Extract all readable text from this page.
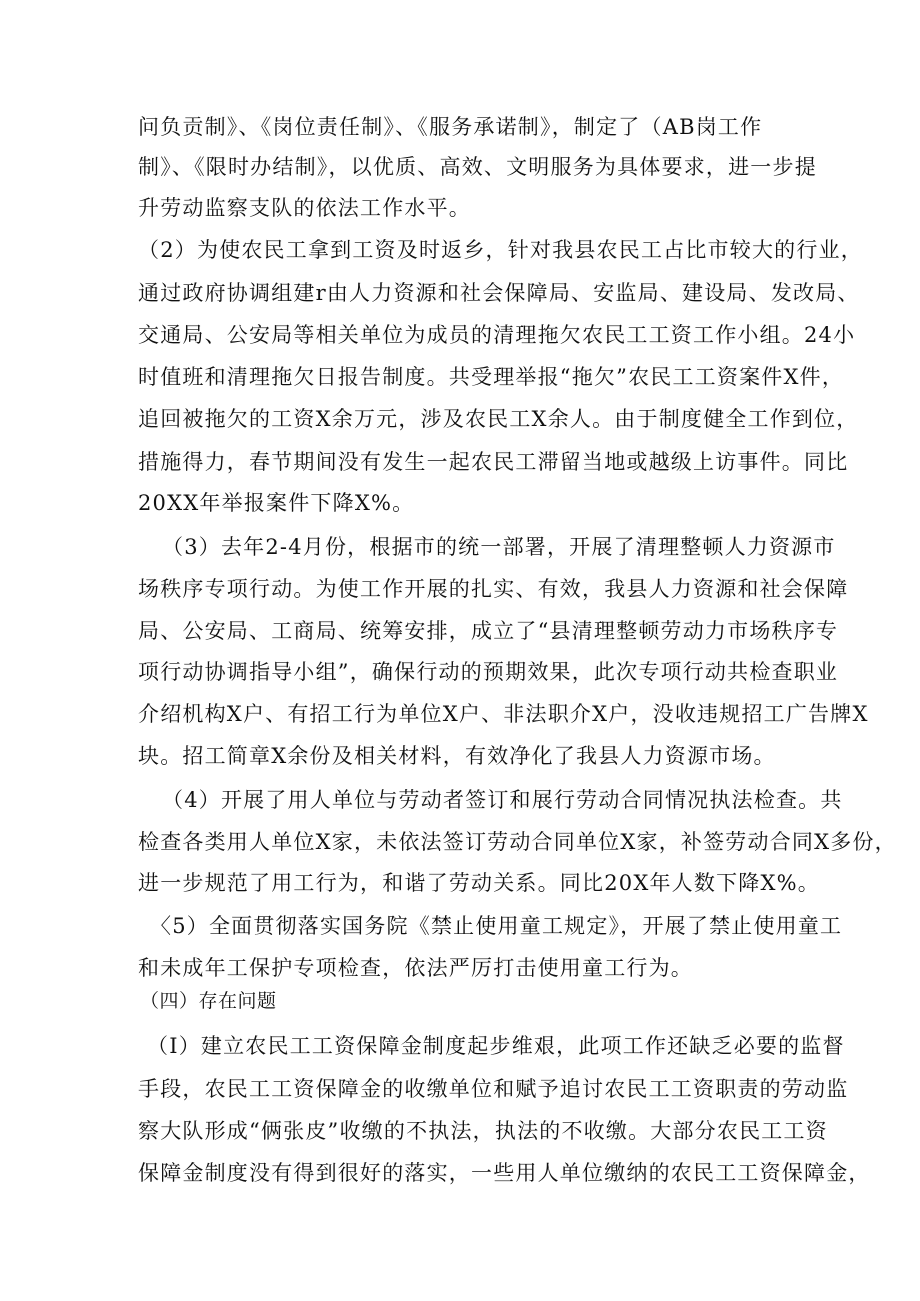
问负贡制》、《岗位责任制》、《服务承诺制》，制定了（AB岗工作
制》、《限时办结制》，以优质、高效、文明服务为具体要求，进一步提
升劳动监察支队的依法工作水平。
（2）为使农民工拿到工资及时返乡，针对我县农民工占比市较大的行业，
通过政府协调组建r由人力资源和社会保障局、安监局、建设局、发改局、
交通局、公安局等相关单位为成员的清理拖欠农民工工资工作小组。24小
时值班和清理拖欠日报告制度。共受理举报“拖欠”农民工工资案件X件，
追回被拖欠的工资X余万元，涉及农民工X余人。由于制度健全工作到位，
措施得力，春节期间没有发生一起农民工滞留当地或越级上访事件。同比
20XX年举报案件下降X%。
（3）去年2-4月份，根据市的统一部署，开展了清理整顿人力资源市
场秩序专项行动。为使工作开展的扎实、有效，我县人力资源和社会保障
局、公安局、工商局、统筹安排，成立了“县清理整顿劳动力市场秩序专
项行动协调指导小组”，确保行动的预期效果，此次专项行动共检查职业
介绍机构X户、有招工行为单位X户、非法职介X户，没收违规招工广告牌X
块。招工简章X余份及相关材料，有效净化了我县人力资源市场。
（4）开展了用人单位与劳动者签订和展行劳动合同情况执法检查。共
检查各类用人单位X家，未依法签订劳动合同单位X家，补签劳动合同X多份，
进一步规范了用工行为，和谐了劳动关系。同比20X年人数下降X%。
〈5）全面贯彻落实国务院《禁止使用童工规定》，开展了禁止使用童工
和未成年工保护专项检查，依法严厉打击使用童工行为。
（四）存在问题
（I）建立农民工工资保障金制度起步维艰，此项工作还缺乏必要的监督
手段，农民工工资保障金的收缴单位和赋予追讨农民工工资职责的劳动监
察大队形成“俩张皮”收缴的不执法，执法的不收缴。大部分农民工工资
保障金制度没有得到很好的落实，一些用人单位缴纳的农民工工资保障金，
